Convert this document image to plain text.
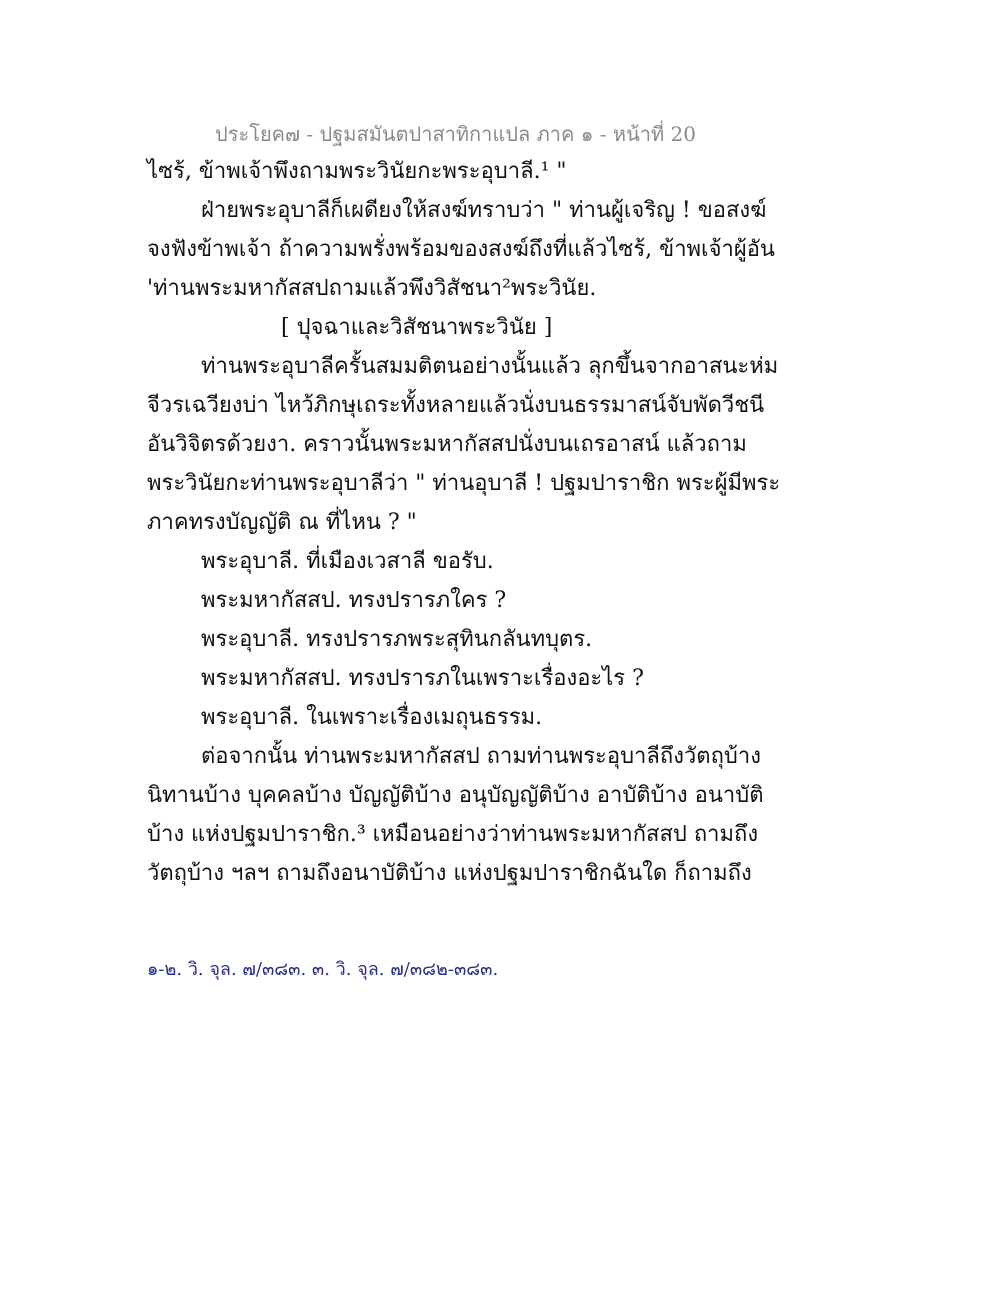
ประโยค๗ - ปฐมสมันตปาสาทิกาแปล ภาค ๑ - หน้าที่ 20
ไซร้, ข้าพเจ้าพึงถามพระวินัยกะพระอุบาลี.¹ "
ฝ่ายพระอุบาลีก็เผดียงให้สงฆ์ทราบว่า " ท่านผู้เจริญ ! ขอสงฆ์
จงฟังข้าพเจ้า ถ้าความพรั่งพร้อมของสงฆ์ถึงที่แล้วไซร้, ข้าพเจ้าผู้อัน
'ท่านพระมหากัสสปถามแล้วพึงวิสัชนา²พระวินัย.
[ ปุจฉาและวิสัชนาพระวินัย ]
ท่านพระอุบาลีครั้นสมมติตนอย่างนั้นแล้ว ลุกขึ้นจากอาสนะห่ม
จีวรเฉวียงบ่า ไหว้ภิกษุเถระทั้งหลายแล้วนั่งบนธรรมาสน์จับพัดวีชนี
อันวิจิตรด้วยงา. คราวนั้นพระมหากัสสปนั่งบนเถรอาสน์ แล้วถาม
พระวินัยกะท่านพระอุบาลีว่า " ท่านอุบาลี ! ปฐมปาราชิก พระผู้มีพระ
ภาคทรงบัญญัติ ณ ที่ไหน ? "
พระอุบาลี. ที่เมืองเวสาลี ขอรับ.
พระมหากัสสป. ทรงปรารภใคร ?
พระอุบาลี. ทรงปรารภพระสุทินกลันทบุตร.
พระมหากัสสป. ทรงปรารภในเพราะเรื่องอะไร ?
พระอุบาลี. ในเพราะเรื่องเมถุนธรรม.
ต่อจากนั้น ท่านพระมหากัสสป ถามท่านพระอุบาลีถึงวัตถุบ้าง
นิทานบ้าง บุคคลบ้าง บัญญัติบ้าง อนุบัญญัติบ้าง อาบัติบ้าง อนาบัติ
บ้าง แห่งปฐมปาราชิก.³ เหมือนอย่างว่าท่านพระมหากัสสป ถามถึง
วัตถุบ้าง ฯลฯ ถามถึงอนาบัติบ้าง แห่งปฐมปาราชิกฉันใด ก็ถามถึง
๑-๒. วิ. จุล. ๗/๓๘๓. ๓. วิ. จุล. ๗/๓๘๒-๓๘๓.
